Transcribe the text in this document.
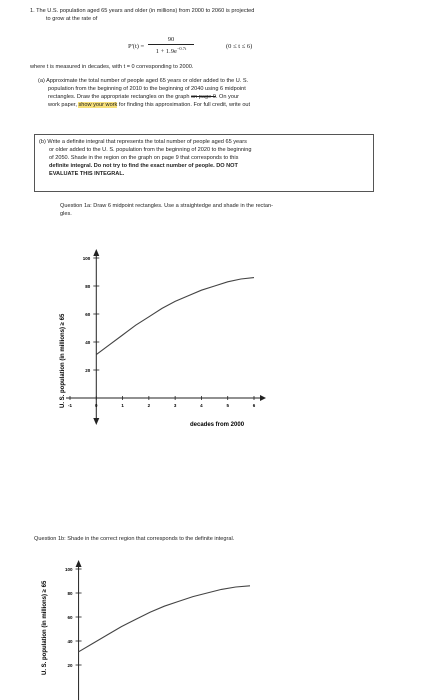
1. The U.S. population aged 65 years and older (in millions) from 2000 to 2060 is projected
to grow at the rate of
$P'(t) = \frac{90}{1 + 1.9e^{-0.7t}}$	(0 ≤ t ≤ 6)
where t is measured in decades, with t = 0 corresponding to 2000.
(a) Approximate the total number of people aged 65 years or older added to the U. S.
population from the beginning of 2010 to the beginning of 2040 using 6 midpoint
rectangles. Draw the appropriate rectangles on the graph on page 9. On your
work paper, show your work for finding this approximation. For full credit, write out
(b) Write a definite integral that represents the total number of people aged 65 years
or older added to the U. S. population from the beginning of 2020 to the beginning
of 2050. Shade in the region on the graph on page 9 that corresponds to this
definite integral. Do not try to find the exact number of people. DO NOT
EVALUATE THIS INTEGRAL.
Question 1a: Draw 6 midpoint rectangles. Use a straightedge and shade in the rectan-
gles.
U. S. population (in millions) ≥ 65
decades from 2000
20
40
60
80
100
-1	0	1	2	3	4	5	6
Question 1b: Shade in the correct region that corresponds to the definite integral.
U. S. population (in millions) ≥ 65	20
40
60
80
100
